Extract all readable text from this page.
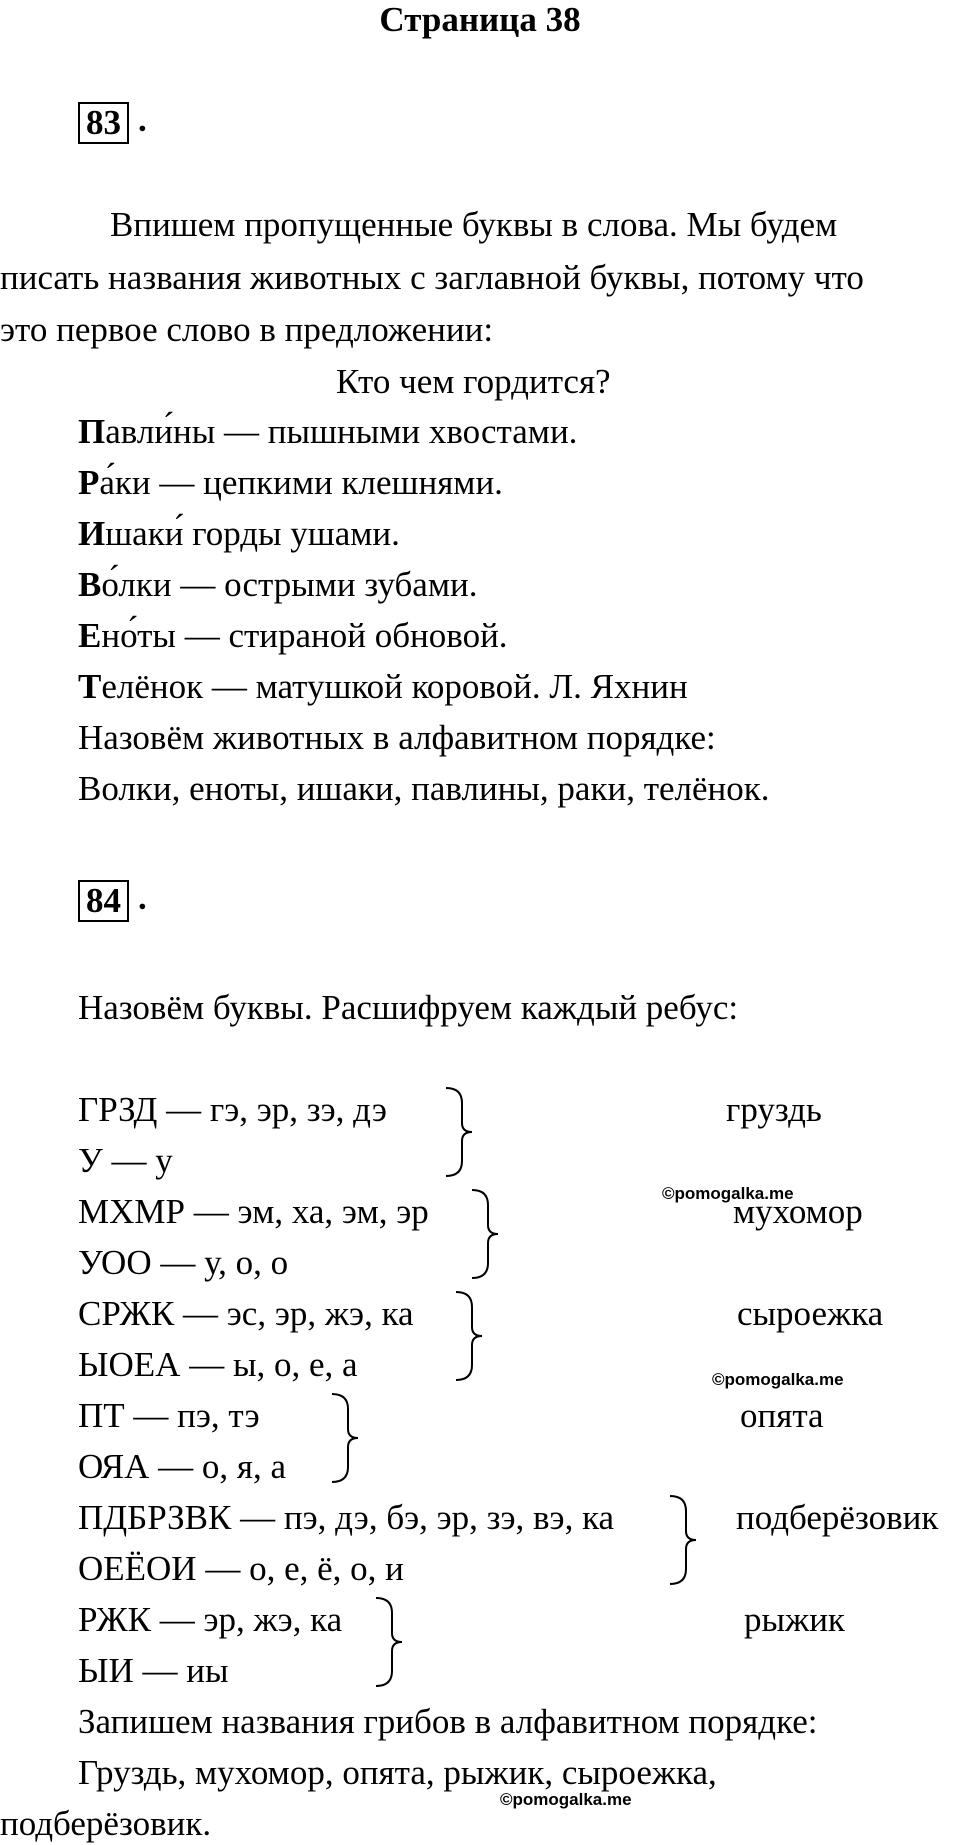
Страница 38
83 .
Впишем пропущенные буквы в слова. Мы будем
писать названия животных с заглавной буквы, потому что
это первое слово в предложении:
Кто чем гордится?
Павли́ны — пышными хвостами.
Ра́ки — цепкими клешнями.
Ишаки́ горды ушами.
Во́лки — острыми зубами.
Ено́ты — стираной обновой.
Телёнок — матушкой коровой. Л. Яхнин
Назовём животных в алфавитном порядке:
Волки, еноты, ишаки, павлины, раки, телёнок.
84 .
Назовём буквы. Расшифруем каждый ребус:
ГРЗД — гэ, эр, зэ, дэ
У — у
груздь
МХМР — эм, ха, эм, эр
УОО — у, о, о
мухомор
СРЖК — эс, эр, жэ, ка
ЫОЕА — ы, о, е, а
сыроежка
ПТ — пэ, тэ
ОЯА — о, я, а
опята
ПДБРЗВК — пэ, дэ, бэ, эр, зэ, вэ, ка
ОЕЁОИ — о, е, ё, о, и
подберёзовик
РЖК — эр, жэ, ка
ЫИ — иы
рыжик
Запишем названия грибов в алфавитном порядке:
Груздь, мухомор, опята, рыжик, сыроежка,
подберёзовик.
©pomogalka.me
©pomogalka.me
©pomogalka.me
